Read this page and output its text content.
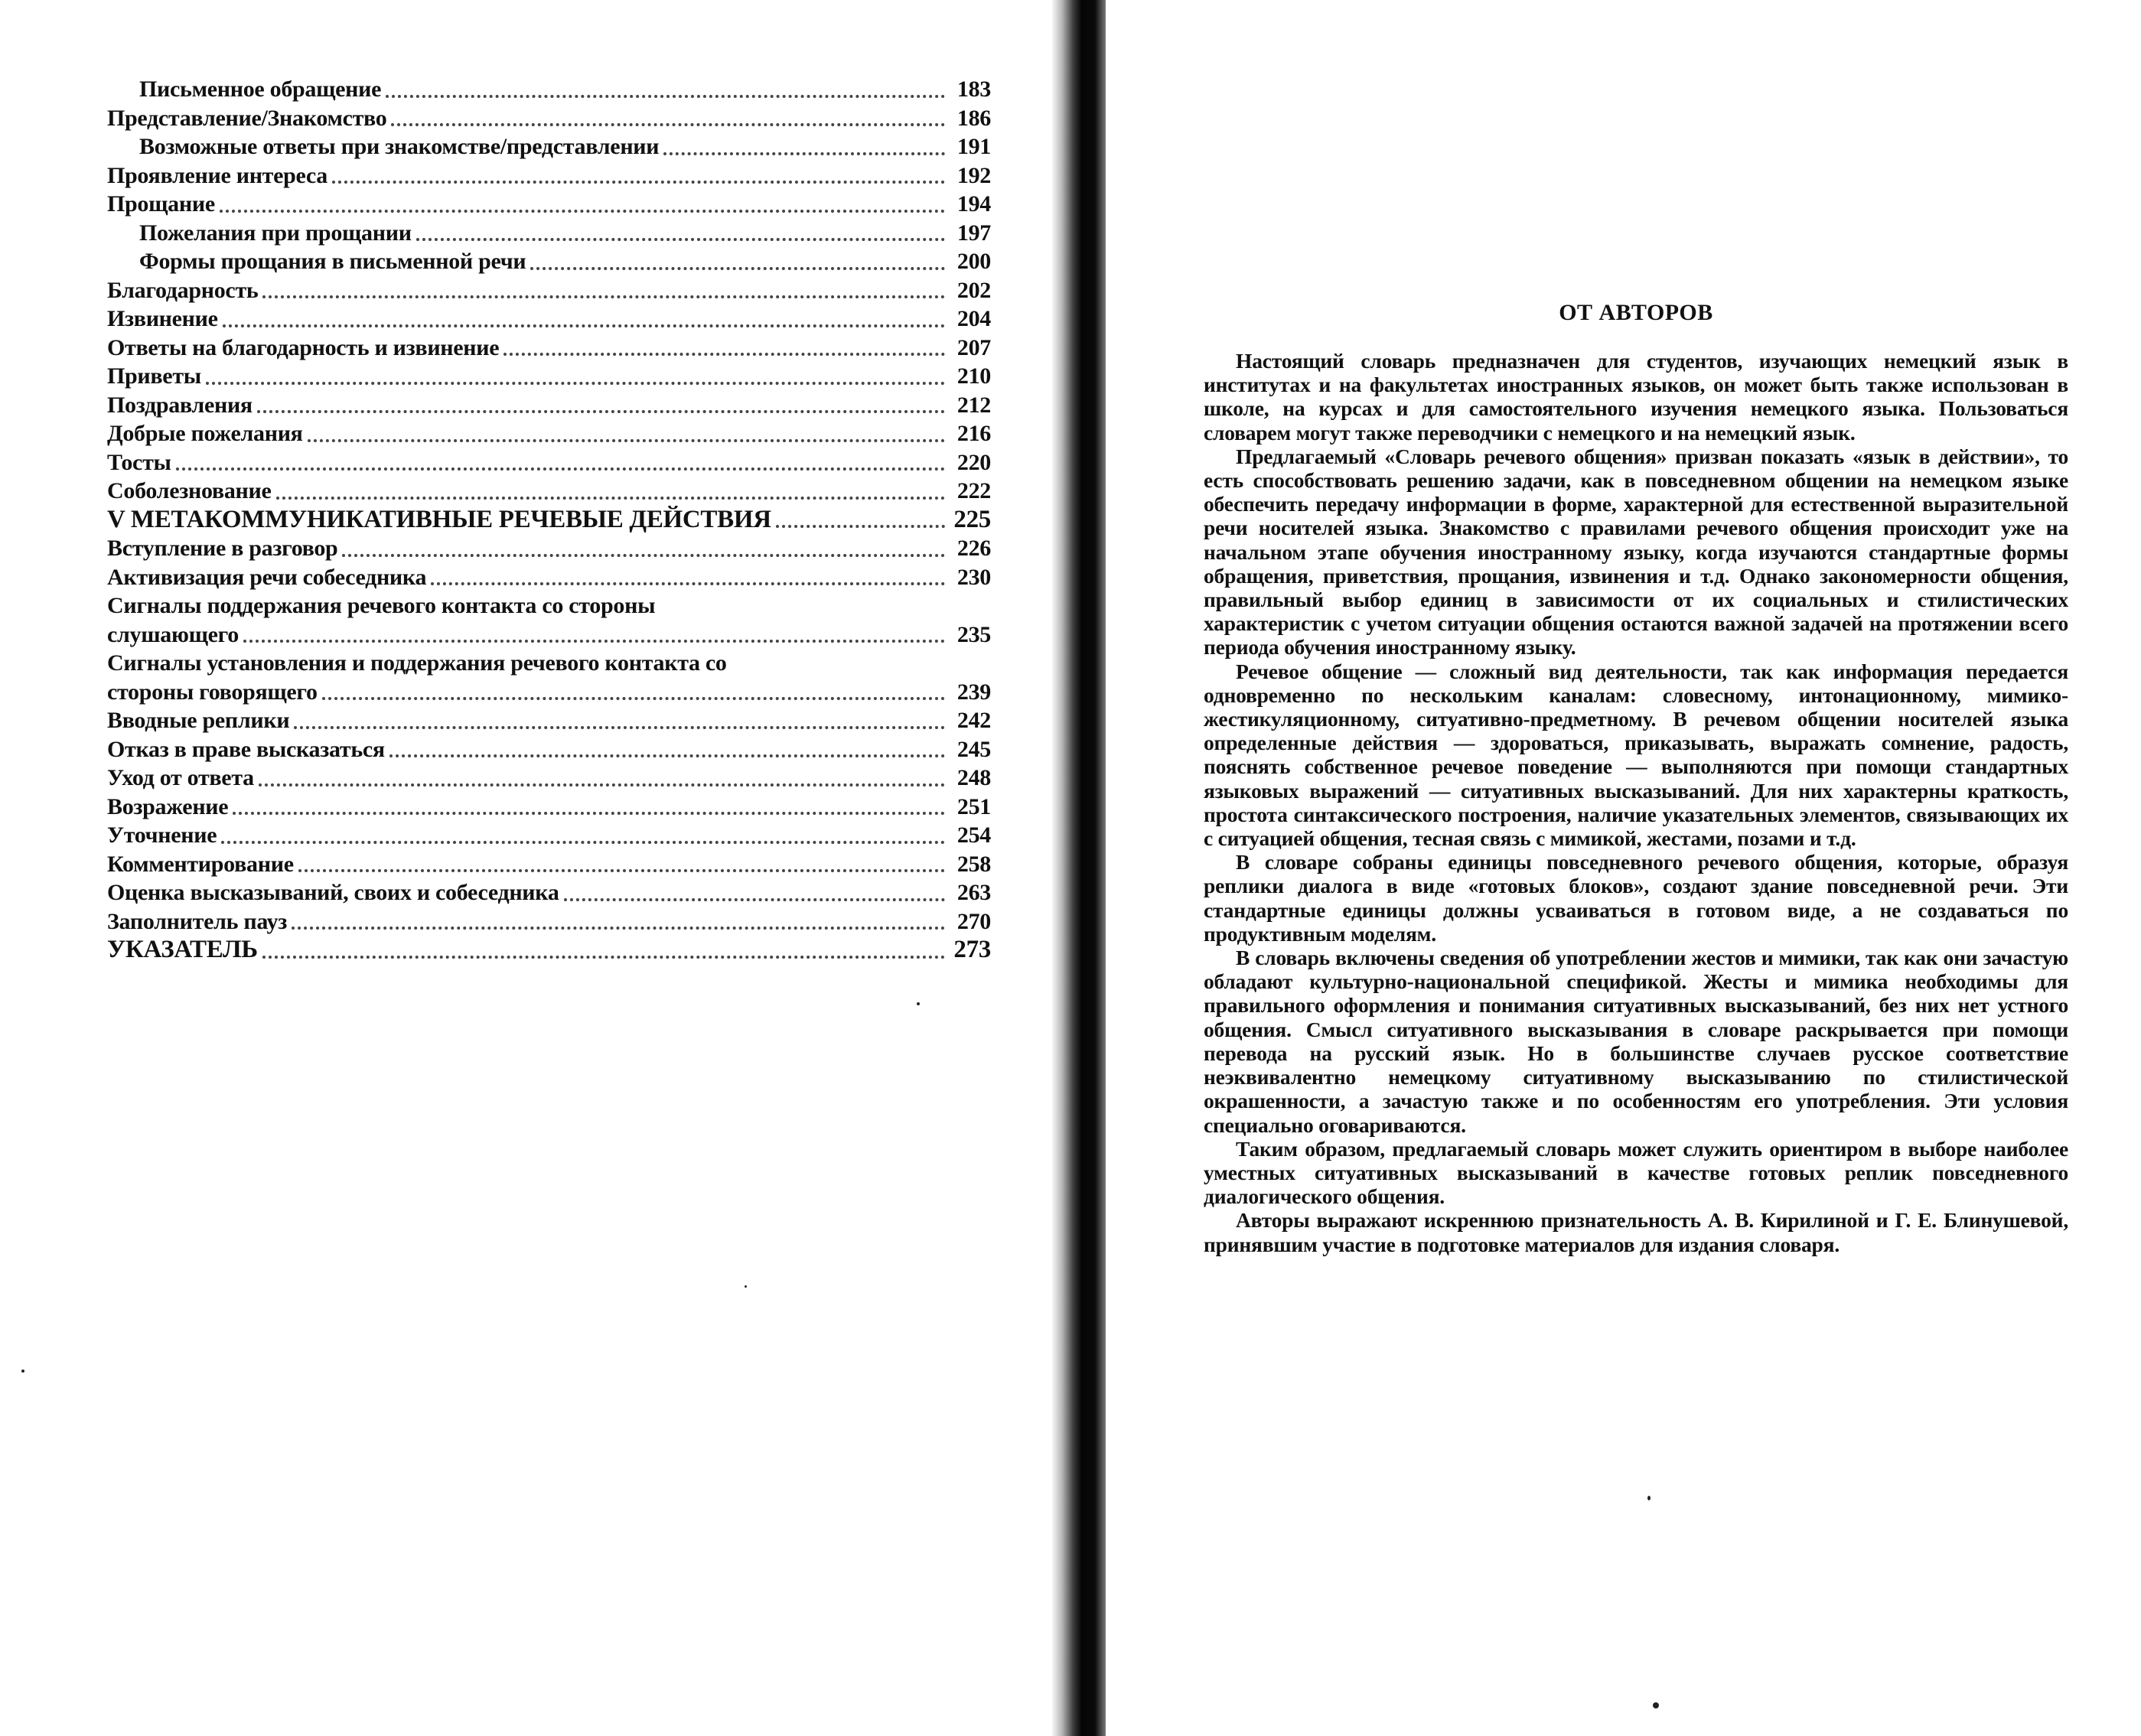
Письменное обращение	183
Представление/Знакомство	186
Возможные ответы при знакомстве/представлении	191
Проявление интереса	192
Прощание	194
Пожелания при прощании	197
Формы прощания в письменной речи	200
Благодарность	202
Извинение	204
Ответы на благодарность и извинение	207
Приветы	210
Поздравления	212
Добрые пожелания	216
Тосты	220
Соболезнование	222
V МЕТАКОММУНИКАТИВНЫЕ РЕЧЕВЫЕ ДЕЙСТВИЯ	225
Вступление в разговор	226
Активизация речи собеседника	230
Сигналы поддержания речевого контакта со стороны
слушающего	235
Сигналы установления и поддержания речевого контакта со
стороны говорящего	239
Вводные реплики	242
Отказ в праве высказаться	245
Уход от ответа	248
Возражение	251
Уточнение	254
Комментирование	258
Оценка высказываний, своих и собеседника	263
Заполнитель пауз	270
УКАЗАТЕЛЬ	273
ОТ АВТОРОВ

Настоящий словарь предназначен для студентов, изучающих немецкий язык в институтах и на факультетах иностранных языков, он может быть также использован в школе, на курсах и для самостоятельного изучения немецкого языка. Пользоваться словарем могут также переводчики с немецкого и на немецкий язык.

Предлагаемый «Словарь речевого общения» призван показать «язык в действии», то есть способствовать решению задачи, как в повседневном общении на немецком языке обеспечить передачу информации в форме, характерной для естественной выразительной речи носителей языка. Знакомство с правилами речевого общения происходит уже на начальном этапе обучения иностранному языку, когда изучаются стандартные формы обращения, приветствия, прощания, извинения и т.д. Однако закономерности общения, правильный выбор единиц в зависимости от их социальных и стилистических характеристик с учетом ситуации общения остаются важной задачей на протяжении всего периода обучения иностранному языку.

Речевое общение — сложный вид деятельности, так как информация передается одновременно по нескольким каналам: словесному, интонационному, мимико-жестикуляционному, ситуативно-предметному. В речевом общении носителей языка определенные действия — здороваться, приказывать, выражать сомнение, радость, пояснять собственное речевое поведение — выполняются при помощи стандартных языковых выражений — ситуативных высказываний. Для них характерны краткость, простота синтаксического построения, наличие указательных элементов, связывающих их с ситуацией общения, тесная связь с мимикой, жестами, позами и т.д.

В словаре собраны единицы повседневного речевого общения, которые, образуя реплики диалога в виде «готовых блоков», создают здание повседневной речи. Эти стандартные единицы должны усваиваться в готовом виде, а не создаваться по продуктивным моделям.

В словарь включены сведения об употреблении жестов и мимики, так как они зачастую обладают культурно-национальной спецификой. Жесты и мимика необходимы для правильного оформления и понимания ситуативных высказываний, без них нет устного общения. Смысл ситуативного высказывания в словаре раскрывается при помощи перевода на русский язык. Но в большинстве случаев русское соответствие неэквивалентно немецкому ситуативному высказыванию по стилистической окрашенности, а зачастую также и по особенностям его употребления. Эти условия специально оговариваются.

Таким образом, предлагаемый словарь может служить ориентиром в выборе наиболее уместных ситуативных высказываний в качестве готовых реплик повседневного диалогического общения.

Авторы выражают искреннюю признательность А. В. Кирилиной и Г. Е. Блинушевой, принявшим участие в подготовке материалов для издания словаря.
